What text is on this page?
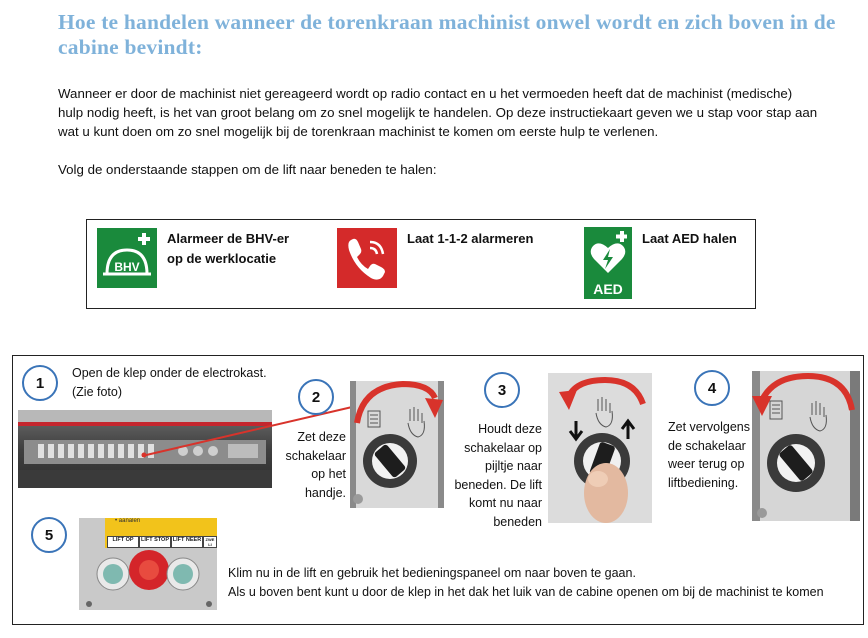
Hoe te handelen wanneer de torenkraan machinist onwel wordt en zich boven in de cabine bevindt:
Wanneer er door de machinist niet gereageerd wordt op radio contact en u het vermoeden heeft dat de machinist (medische) hulp nodig heeft, is het van groot belang om zo snel mogelijk te handelen. Op deze instructiekaart geven we u stap voor stap aan wat u kunt doen om zo snel mogelijk bij de torenkraan machinist te komen om eerste hulp te verlenen.
Volg de onderstaande stappen om de lift naar beneden te halen:
BHV
Alarmeer de BHV-er
op de werklocatie
Laat 1-1-2 alarmeren
AED
Laat AED halen
1
Open de klep onder de electrokast.
(Zie foto)	2
Zet deze
schakelaar
op het
handje.
3
Houdt deze
schakelaar op
pijltje naar
beneden. De lift
komt nu naar
beneden
4
Zet vervolgens
de schakelaar
weer terug op
liftbediening.
5
• aanalen
LIFT OP	LIFT STOP LIFT NEER	ZWE LI
Klim nu in de lift en gebruik het bedieningspaneel om naar boven te gaan.
Als u boven bent kunt u door de klep in het dak het luik van de cabine openen om bij de machinist te komen
